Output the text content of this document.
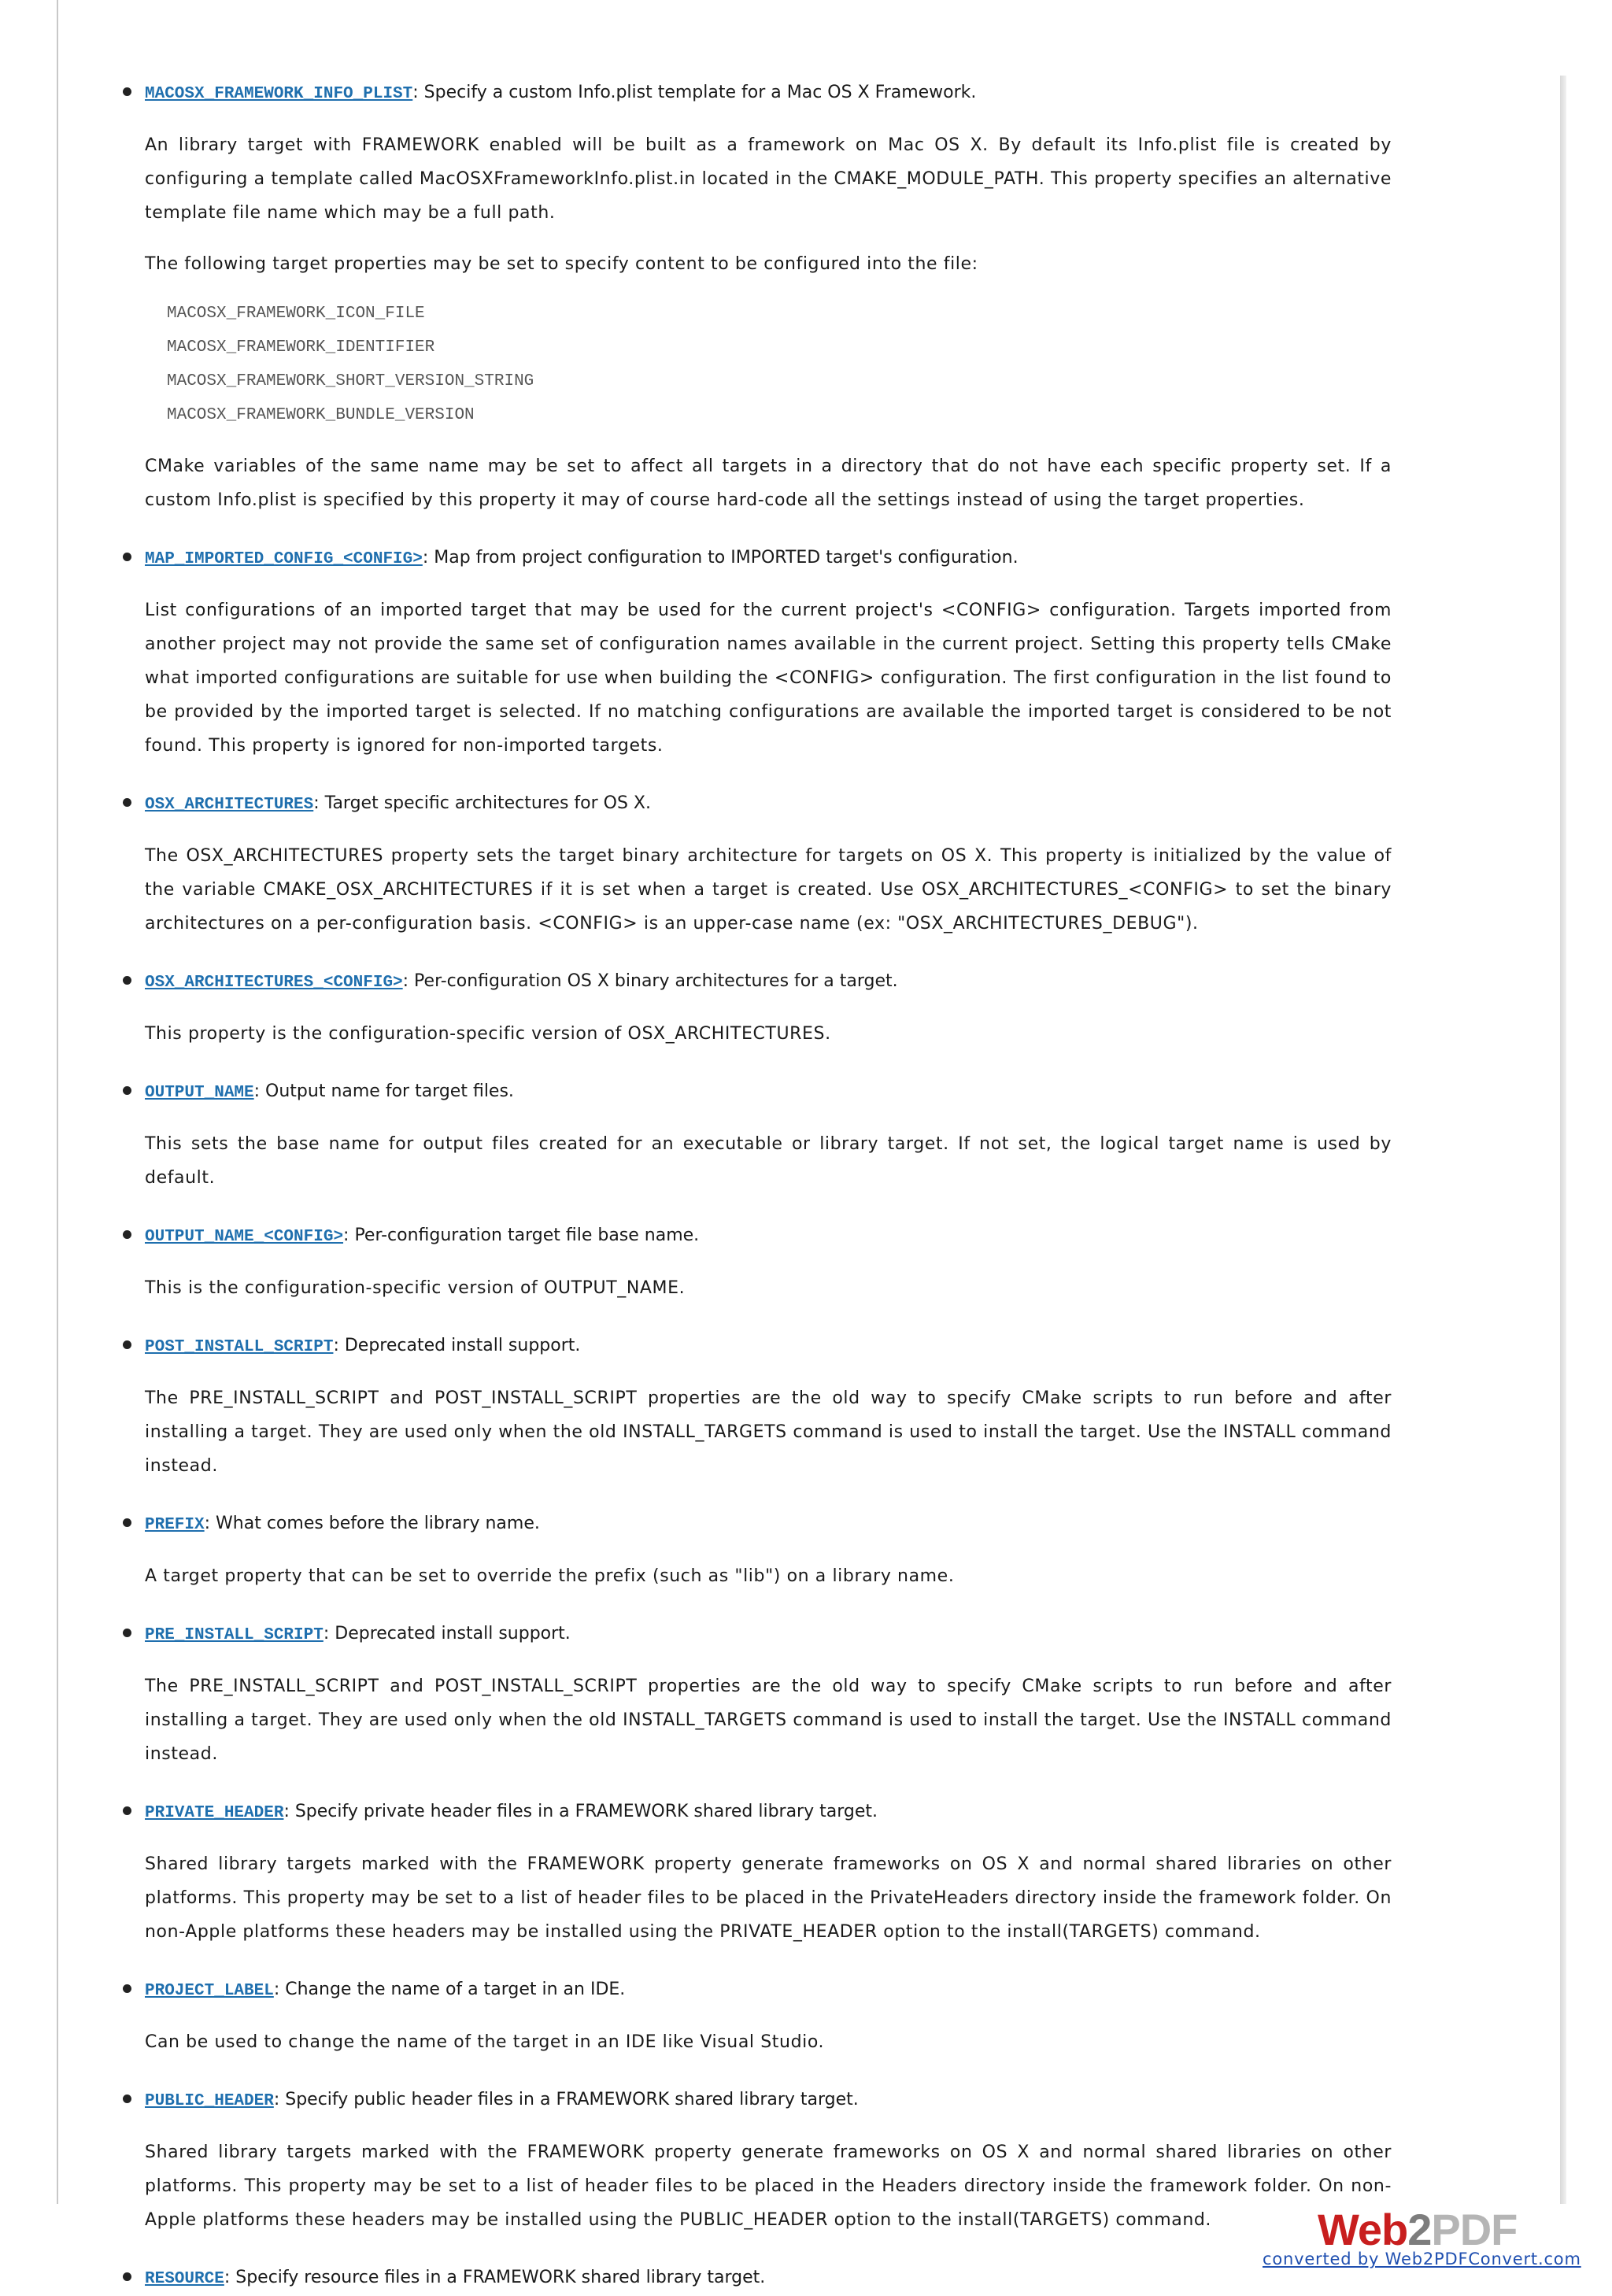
MACOSX_FRAMEWORK_INFO_PLIST: Specify a custom Info.plist template for a Mac OS X Framework.

An library target with FRAMEWORK enabled will be built as a framework on Mac OS X. By default its Info.plist file is created by configuring a template called MacOSXFrameworkInfo.plist.in located in the CMAKE_MODULE_PATH. This property specifies an alternative template file name which may be a full path.

The following target properties may be set to specify content to be configured into the file:

MACOSX_FRAMEWORK_ICON_FILE
MACOSX_FRAMEWORK_IDENTIFIER
MACOSX_FRAMEWORK_SHORT_VERSION_STRING
MACOSX_FRAMEWORK_BUNDLE_VERSION

CMake variables of the same name may be set to affect all targets in a directory that do not have each specific property set. If a custom Info.plist is specified by this property it may of course hard-code all the settings instead of using the target properties.

MAP_IMPORTED_CONFIG_<CONFIG>: Map from project configuration to IMPORTED target's configuration.

List configurations of an imported target that may be used for the current project's <CONFIG> configuration. Targets imported from another project may not provide the same set of configuration names available in the current project. Setting this property tells CMake what imported configurations are suitable for use when building the <CONFIG> configuration. The first configuration in the list found to be provided by the imported target is selected. If no matching configurations are available the imported target is considered to be not found. This property is ignored for non-imported targets.

OSX_ARCHITECTURES: Target specific architectures for OS X.

The OSX_ARCHITECTURES property sets the target binary architecture for targets on OS X. This property is initialized by the value of the variable CMAKE_OSX_ARCHITECTURES if it is set when a target is created. Use OSX_ARCHITECTURES_<CONFIG> to set the binary architectures on a per-configuration basis. <CONFIG> is an upper-case name (ex: "OSX_ARCHITECTURES_DEBUG").

OSX_ARCHITECTURES_<CONFIG>: Per-configuration OS X binary architectures for a target.

This property is the configuration-specific version of OSX_ARCHITECTURES.

OUTPUT_NAME: Output name for target files.

This sets the base name for output files created for an executable or library target. If not set, the logical target name is used by default.

OUTPUT_NAME_<CONFIG>: Per-configuration target file base name.

This is the configuration-specific version of OUTPUT_NAME.

POST_INSTALL_SCRIPT: Deprecated install support.

The PRE_INSTALL_SCRIPT and POST_INSTALL_SCRIPT properties are the old way to specify CMake scripts to run before and after installing a target. They are used only when the old INSTALL_TARGETS command is used to install the target. Use the INSTALL command instead.

PREFIX: What comes before the library name.

A target property that can be set to override the prefix (such as "lib") on a library name.

PRE_INSTALL_SCRIPT: Deprecated install support.

The PRE_INSTALL_SCRIPT and POST_INSTALL_SCRIPT properties are the old way to specify CMake scripts to run before and after installing a target. They are used only when the old INSTALL_TARGETS command is used to install the target. Use the INSTALL command instead.

PRIVATE_HEADER: Specify private header files in a FRAMEWORK shared library target.

Shared library targets marked with the FRAMEWORK property generate frameworks on OS X and normal shared libraries on other platforms. This property may be set to a list of header files to be placed in the PrivateHeaders directory inside the framework folder. On non-Apple platforms these headers may be installed using the PRIVATE_HEADER option to the install(TARGETS) command.

PROJECT_LABEL: Change the name of a target in an IDE.

Can be used to change the name of the target in an IDE like Visual Studio.

PUBLIC_HEADER: Specify public header files in a FRAMEWORK shared library target.

Shared library targets marked with the FRAMEWORK property generate frameworks on OS X and normal shared libraries on other platforms. This property may be set to a list of header files to be placed in the Headers directory inside the framework folder. On non-Apple platforms these headers may be installed using the PUBLIC_HEADER option to the install(TARGETS) command.

RESOURCE: Specify resource files in a FRAMEWORK shared library target.

Web2PDF
converted by Web2PDFConvert.com
